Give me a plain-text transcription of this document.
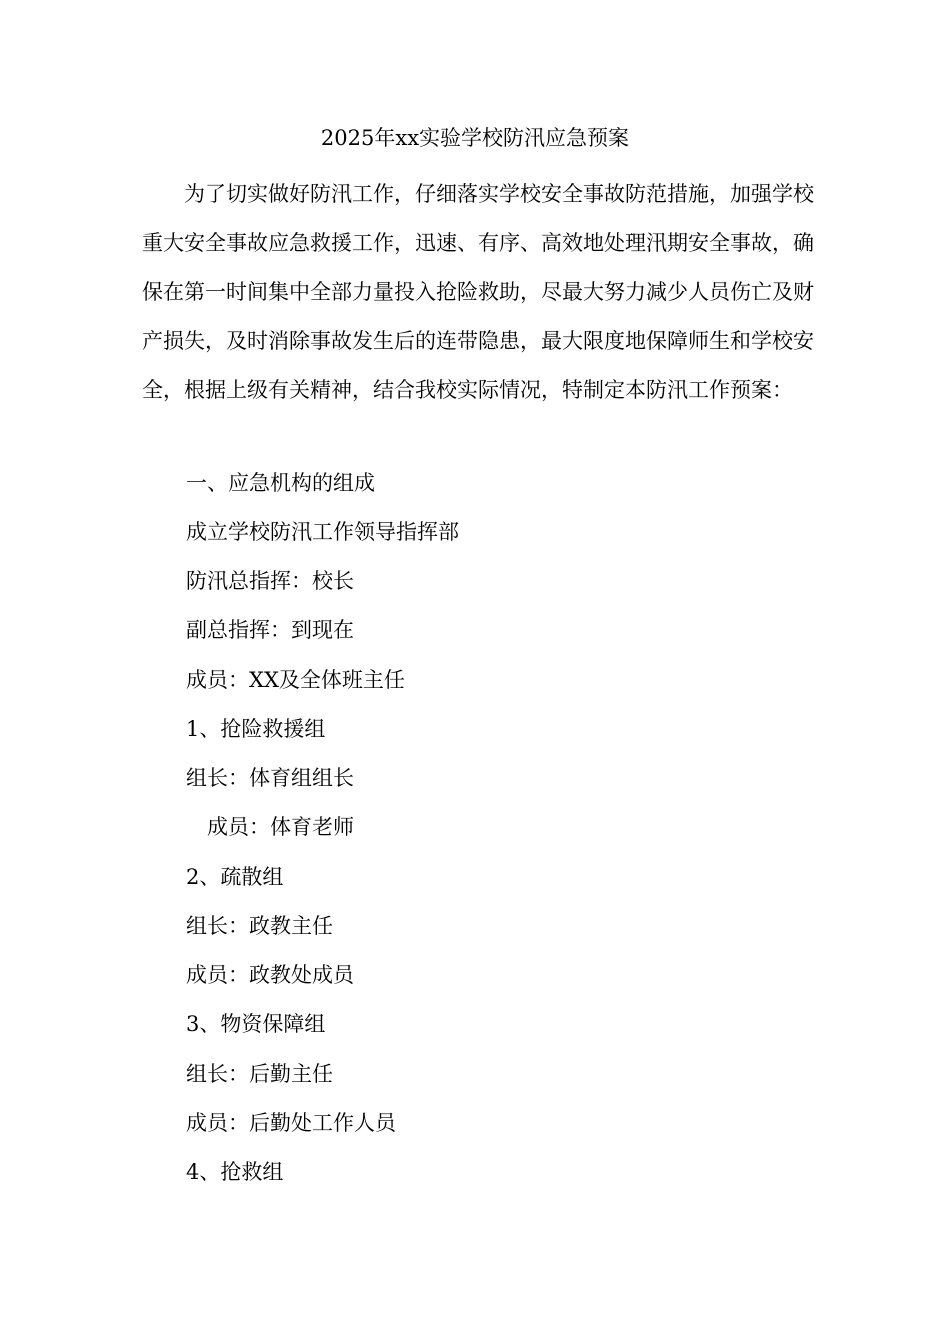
2025年xx实验学校防汛应急预案

为了切实做好防汛工作，仔细落实学校安全事故防范措施，加强学校重大安全事故应急救援工作，迅速、有序、高效地处理汛期安全事故，确保在第一时间集中全部力量投入抢险救助，尽最大努力减少人员伤亡及财产损失，及时消除事故发生后的连带隐患，最大限度地保障师生和学校安全，根据上级有关精神，结合我校实际情况，特制定本防汛工作预案：

一、应急机构的组成

成立学校防汛工作领导指挥部

防汛总指挥：校长

副总指挥：到现在

成员：XX及全体班主任

1、抢险救援组

组长：体育组组长

成员：体育老师

2、疏散组

组长：政教主任

成员：政教处成员

3、物资保障组

组长：后勤主任

成员：后勤处工作人员

4、抢救组
